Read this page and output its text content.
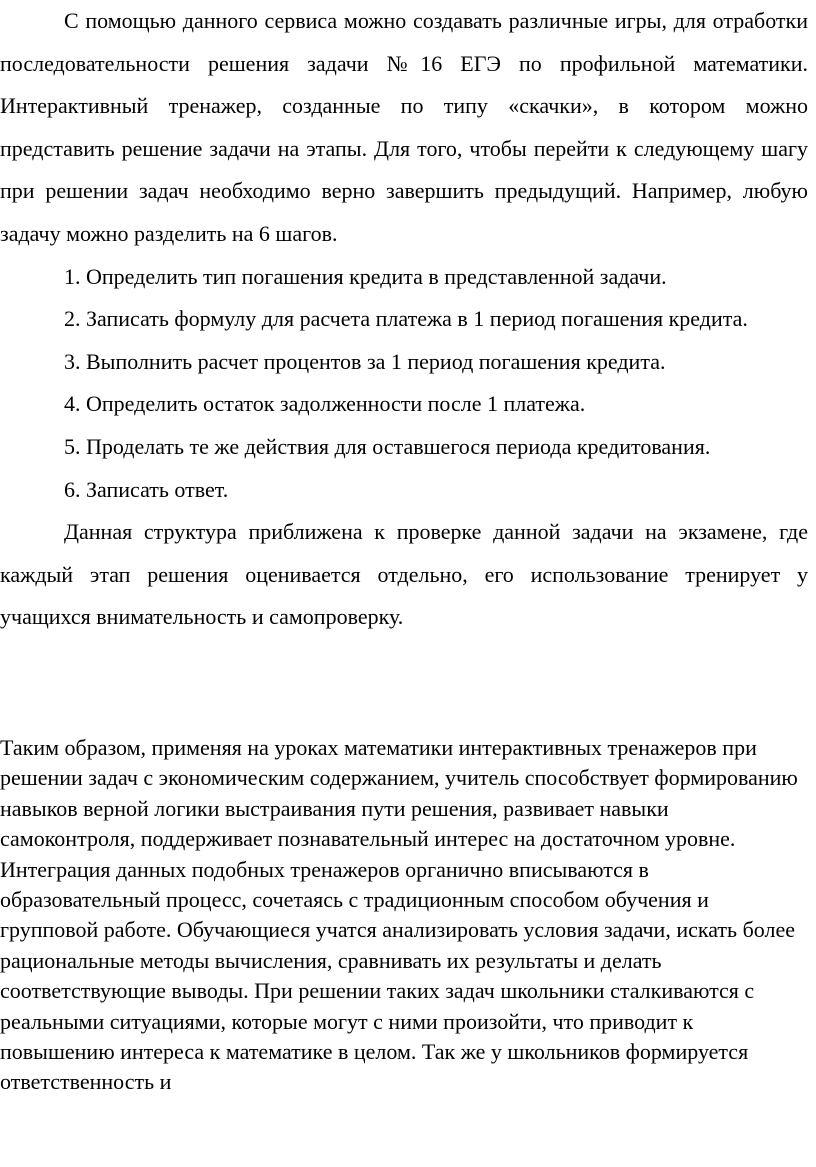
С помощью данного сервиса можно создавать различные игры, для отработки последовательности решения задачи №16 ЕГЭ по профильной математики. Интерактивный тренажер, созданные по типу «скачки», в котором можно представить решение задачи на этапы. Для того, чтобы перейти к следующему шагу при решении задач необходимо верно завершить предыдущий. Например, любую задачу можно разделить на 6 шагов.

1. Определить тип погашения кредита в представленной задачи.

2. Записать формулу для расчета платежа в 1 период погашения кредита.

3. Выполнить расчет процентов за 1 период погашения кредита.

4. Определить остаток задолженности после 1 платежа.

5. Проделать те же действия для оставшегося периода кредитования.

6. Записать ответ.

Данная структура приближена к проверке данной задачи на экзамене, где каждый этап решения оценивается отдельно, его использование тренирует у учащихся внимательность и самопроверку.

Таким образом, применяя на уроках математики интерактивных тренажеров при решении задач с экономическим содержанием, учитель способствует формированию навыков верной логики выстраивания пути решения, развивает навыки самоконтроля, поддерживает познавательный интерес на достаточном уровне. Интеграция данных подобных тренажеров органично вписываются в образовательный процесс, сочетаясь с традиционным способом обучения и групповой работе. Обучающиеся учатся анализировать условия задачи, искать более рациональные методы вычисления, сравнивать их результаты и делать соответствующие выводы. При решении таких задач школьники сталкиваются с реальными ситуациями, которые могут с ними произойти, что приводит к повышению интереса к математике в целом. Так же у школьников формируется ответственность и
